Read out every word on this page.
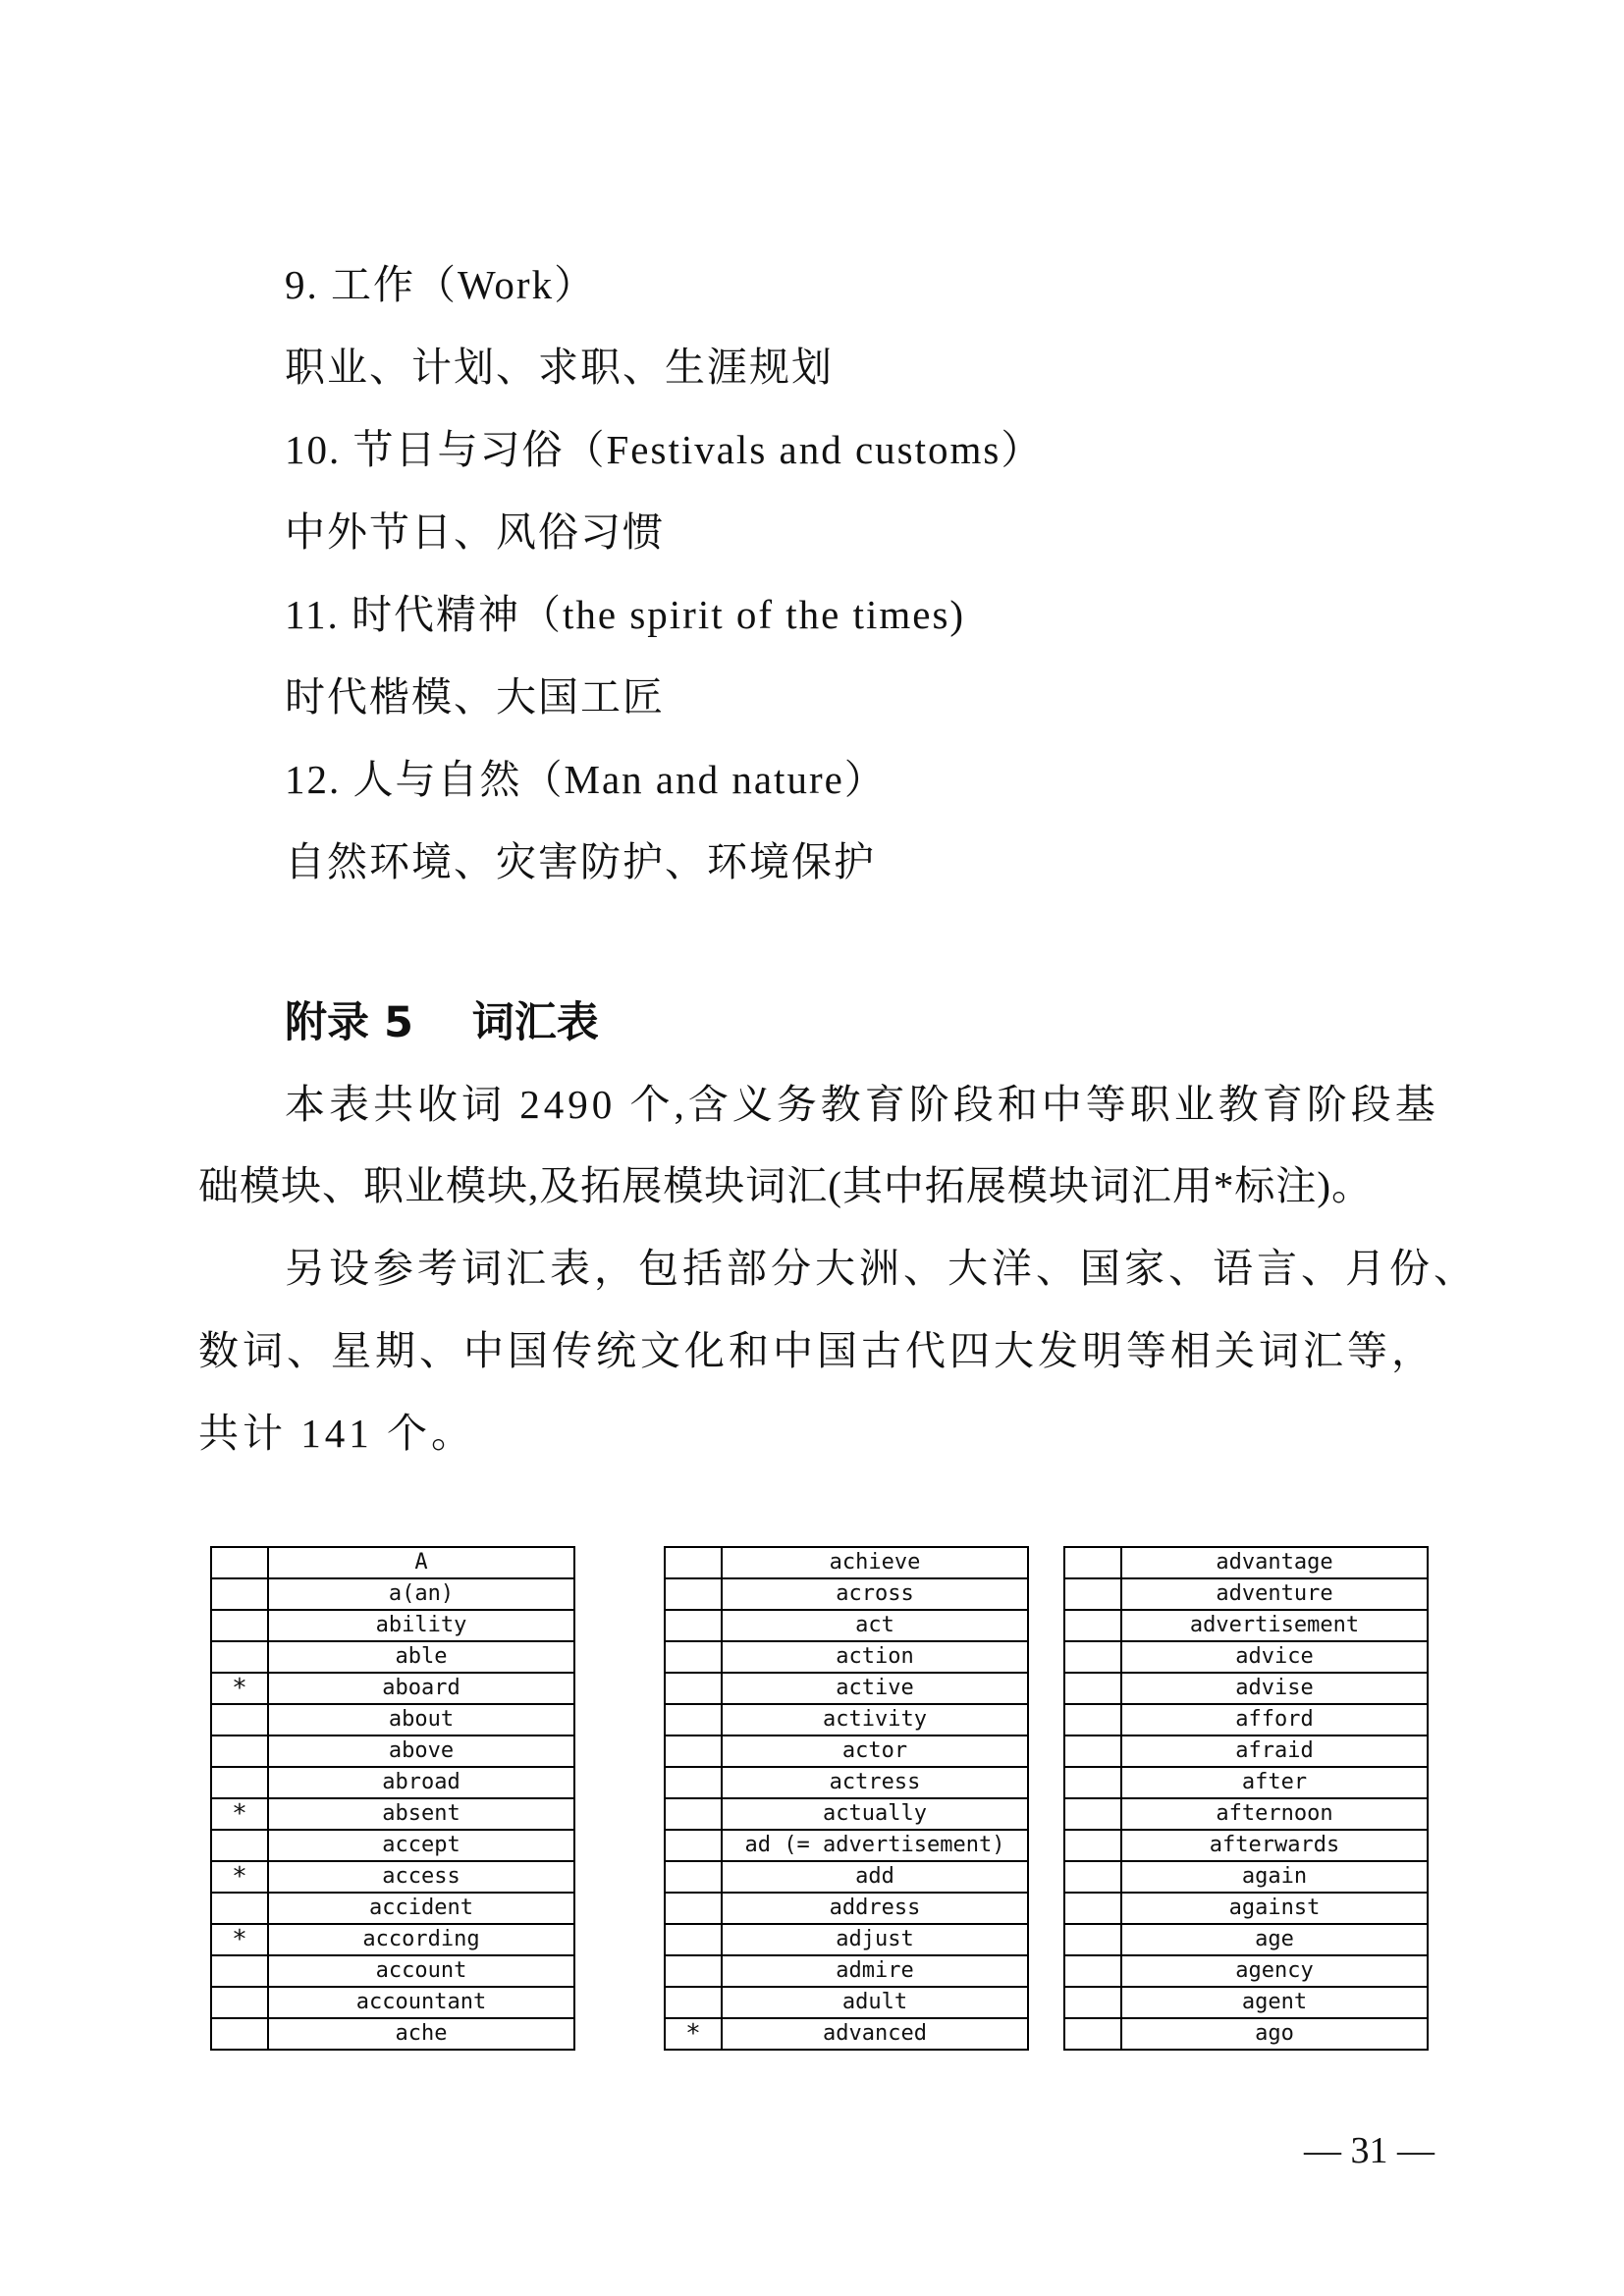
9. 工作（Work）
职业、计划、求职、生涯规划
10. 节日与习俗（Festivals and customs）
中外节日、风俗习惯
11. 时代精神（the spirit of the times)
时代楷模、大国工匠
12. 人与自然（Man and nature）
自然环境、灾害防护、环境保护
附录 5    词汇表
本表共收词 2490 个,含义务教育阶段和中等职业教育阶段基
础模块、职业模块,及拓展模块词汇(其中拓展模块词汇用*标注)。
另设参考词汇表，包括部分大洲、大洋、国家、语言、月份、
数词、星期、中国传统文化和中国古代四大发明等相关词汇等，
共计 141 个。
	A
	a(an)
	ability
	able
*	aboard
	about
	above
	abroad
*	absent
	accept
*	access
	accident
*	according
	account
	accountant
	ache
	achieve
	across
	act
	action
	active
	activity
	actor
	actress
	actually
	ad (= advertisement)
	add
	address
	adjust
	admire
	adult
*	advanced
	advantage
	adventure
	advertisement
	advice
	advise
	afford
	afraid
	after
	afternoon
	afterwards
	again
	against
	age
	agency
	agent
	ago
— 31 —
